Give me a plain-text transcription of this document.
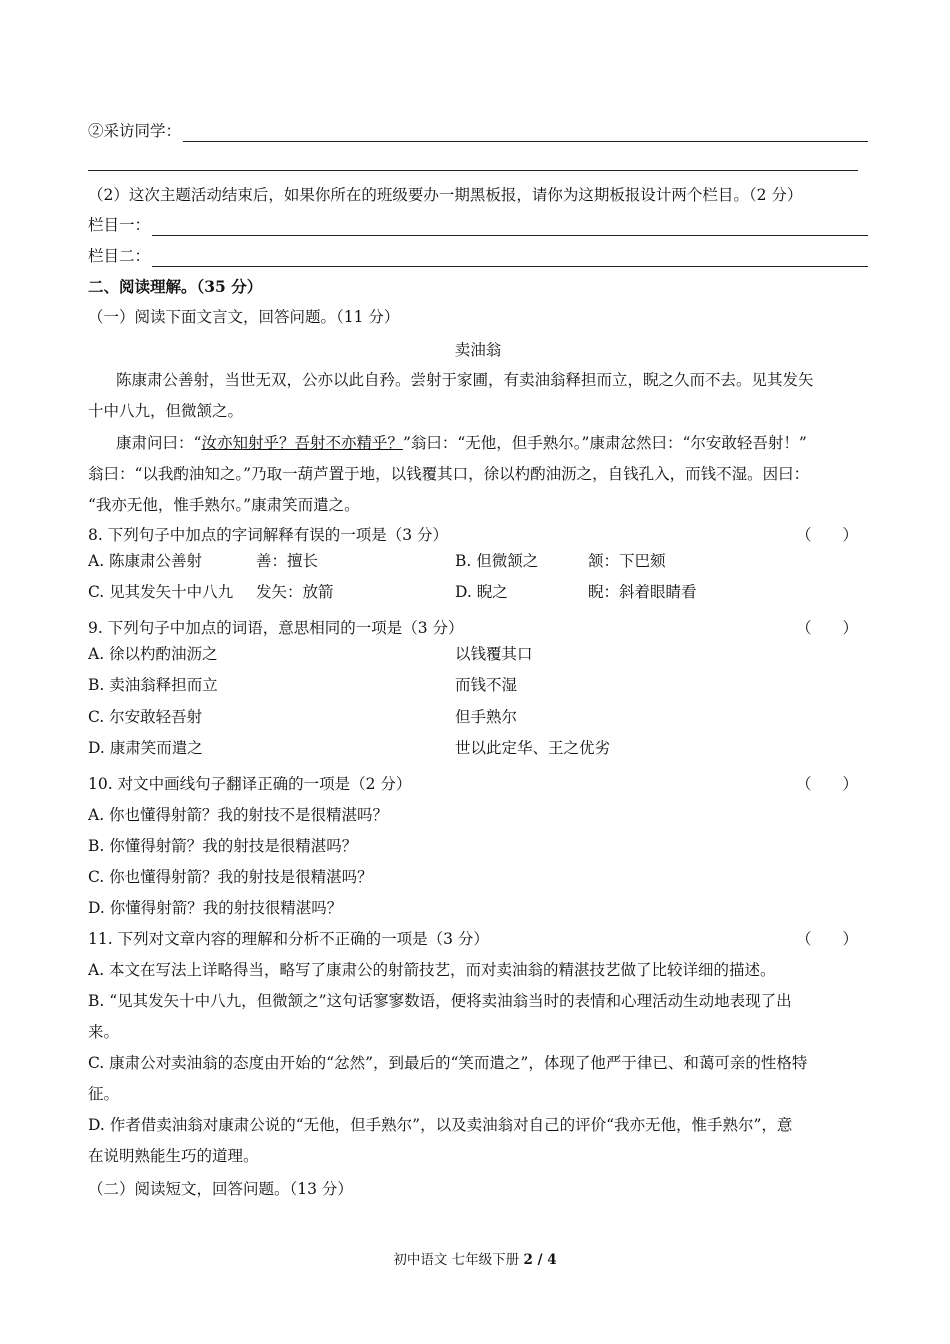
②采访同学：
（2）这次主题活动结束后，如果你所在的班级要办一期黑板报，请你为这期板报设计两个栏目。（2 分）
栏目一：
栏目二：
二、阅读理解。（35 分）
（一）阅读下面文言文，回答问题。（11 分）
卖油翁
陈康肃公善射，当世无双，公亦以此自矜。尝射于家圃，有卖油翁释担而立，睨之久而不去。见其发矢
十中八九，但微颔之。
康肃问曰：“汝亦知射乎？吾射不亦精乎？”翁曰：“无他，但手熟尔。”康肃忿然曰：“尔安敢轻吾射！”
翁曰：“以我酌油知之。”乃取一葫芦置于地，以钱覆其口，徐以杓酌油沥之，自钱孔入，而钱不湿。因曰：
“我亦无他，惟手熟尔。”康肃笑而遣之。
8. 下列句子中加点的字词解释有误的一项是（3 分）	（　　）
A. 陈康肃公善射	善：擅长	B. 但微颔之	颔：下巴颏
C. 见其发矢十中八九 发矢：放箭	D. 睨之	睨：斜着眼睛看
9. 下列句子中加点的词语，意思相同的一项是（3 分）	（　　）
A. 徐以杓酌油沥之	以钱覆其口
B. 卖油翁释担而立	而钱不湿
C. 尔安敢轻吾射	但手熟尔
D. 康肃笑而遣之	世以此定华、王之优劣
10. 对文中画线句子翻译正确的一项是（2 分）	（　　）
A. 你也懂得射箭？我的射技不是很精湛吗？
B. 你懂得射箭？我的射技是很精湛吗？
C. 你也懂得射箭？我的射技是很精湛吗？
D. 你懂得射箭？我的射技很精湛吗？
11. 下列对文章内容的理解和分析不正确的一项是（3 分）	（　　）
A. 本文在写法上详略得当，略写了康肃公的射箭技艺，而对卖油翁的精湛技艺做了比较详细的描述。
B. “见其发矢十中八九，但微颔之”这句话寥寥数语，便将卖油翁当时的表情和心理活动生动地表现了出
来。
C. 康肃公对卖油翁的态度由开始的“忿然”，到最后的“笑而遣之”，体现了他严于律已、和蔼可亲的性格特
征。
D. 作者借卖油翁对康肃公说的“无他，但手熟尔”，以及卖油翁对自己的评价“我亦无他，惟手熟尔”，意
在说明熟能生巧的道理。
（二）阅读短文，回答问题。（13 分）
初中语文 七年级下册 2 / 4
